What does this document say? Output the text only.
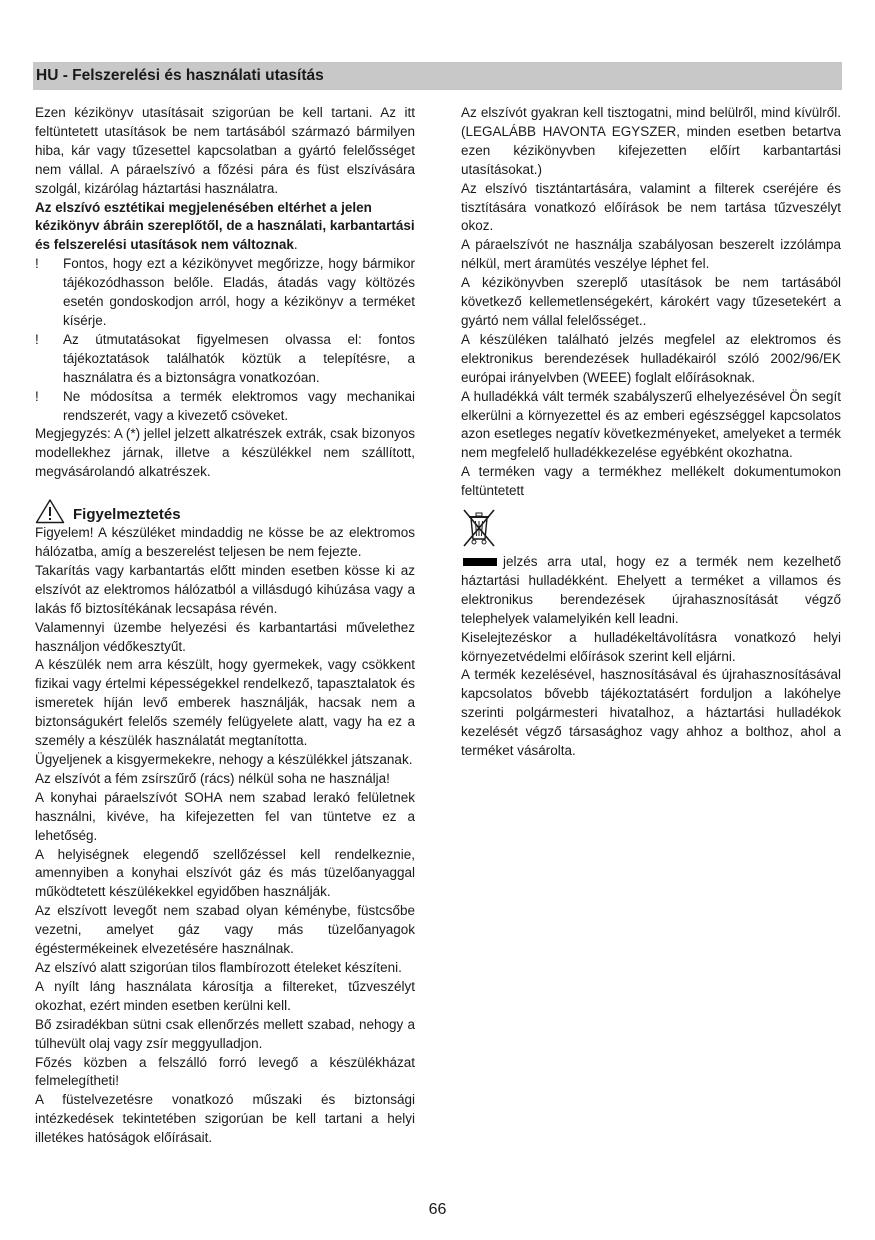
HU - Felszerelési és használati utasítás

Ezen kézikönyv utasításait szigorúan be kell tartani. Az itt feltüntetett utasítások be nem tartásából származó bármilyen hiba, kár vagy tűzesettel kapcsolatban a gyártó felelősséget nem vállal. A páraelszívó a főzési pára és füst elszívására szolgál, kizárólag háztartási használatra.

Az elszívó esztétikai megjelenésében eltérhet a jelen kézikönyv ábráin szereplőtől, de a használati, karbantartási és felszerelési utasítások nem változnak.

!	Fontos, hogy ezt a kézikönyvet megőrizze, hogy bármikor tájékozódhasson belőle. Eladás, átadás vagy költözés esetén gondoskodjon arról, hogy a kézikönyv a terméket kísérje.
!	Az útmutatásokat figyelmesen olvassa el: fontos tájékoztatások találhatók köztük a telepítésre, a használatra és a biztonságra vonatkozóan.
!	Ne módosítsa a termék elektromos vagy mechanikai rendszerét, vagy a kivezető csöveket.

Megjegyzés: A (*) jellel jelzett alkatrészek extrák, csak bizonyos modellekhez járnak, illetve a készülékkel nem szállított, megvásárolandó alkatrészek.

Figyelmeztetés

Figyelem! A készüléket mindaddig ne kösse be az elektromos hálózatba, amíg a beszerelést teljesen be nem fejezte.

Takarítás vagy karbantartás előtt minden esetben kösse ki az elszívót az elektromos hálózatból a villásdugó kihúzása vagy a lakás fő biztosítékának lecsapása révén.

Valamennyi üzembe helyezési és karbantartási művelethez használjon védőkesztyűt.

A készülék nem arra készült, hogy gyermekek, vagy csökkent fizikai vagy értelmi képességekkel rendelkező, tapasztalatok és ismeretek híján levő emberek használják, hacsak nem a biztonságukért felelős személy felügyelete alatt, vagy ha ez a személy a készülék használatát megtanította.

Ügyeljenek a kisgyermekekre, nehogy a készülékkel játszanak.

Az elszívót a fém zsírszűrő (rács) nélkül soha ne használja!

A konyhai páraelszívót SOHA nem szabad lerakó felületnek használni, kivéve, ha kifejezetten fel van tüntetve ez a lehetőség.

A helyiségnek elegendő szellőzéssel kell rendelkeznie, amennyiben a konyhai elszívót gáz és más tüzelőanyaggal működtetett készülékekkel egyidőben használják.

Az elszívott levegőt nem szabad olyan kéménybe, füstcsőbe vezetni, amelyet gáz vagy más tüzelőanyagok égéstermékeinek elvezetésére használnak.

Az elszívó alatt szigorúan tilos flambírozott ételeket készíteni.

A nyílt láng használata károsítja a filtereket, tűzveszélyt okozhat, ezért minden esetben kerülni kell.

Bő zsiradékban sütni csak ellenőrzés mellett szabad, nehogy a túlhevült olaj vagy zsír meggyulladjon.

Főzés közben a felszálló forró levegő a készülékházat felmelegítheti!

A füstelvezetésre vonatkozó műszaki és biztonsági intézkedések tekintetében szigorúan be kell tartani a helyi illetékes hatóságok előírásait.

Az elszívót gyakran kell tisztogatni, mind belülről, mind kívülről. (LEGALÁBB HAVONTA EGYSZER, minden esetben betartva ezen kézikönyvben kifejezetten előírt karbantartási utasításokat.)

Az elszívó tisztántartására, valamint a filterek cseréjére és tisztítására vonatkozó előírások be nem tartása tűzveszélyt okoz.

A páraelszívót ne használja szabályosan beszerelt izzólámpa nélkül, mert áramütés veszélye léphet fel.

A kézikönyvben szereplő utasítások be nem tartásából következő kellemetlenségekért, károkért vagy tűzesetekért a gyártó nem vállal felelősséget..

A készüléken található jelzés megfelel az elektromos és elektronikus berendezések hulladékairól szóló 2002/96/EK európai irányelvben (WEEE) foglalt előírásoknak.

A hulladékká vált termék szabályszerű elhelyezésével Ön segít elkerülni a környezettel és az emberi egészséggel kapcsolatos azon esetleges negatív következményeket, amelyeket a termék nem megfelelő hulladékkezelése egyébként okozhatna.

A terméken vagy a termékhez mellékelt dokumentumokon feltüntetett

jelzés arra utal, hogy ez a termék nem kezelhető háztartási hulladékként. Ehelyett a terméket a villamos és elektronikus berendezések újrahasznosítását végző telephelyek valamelyikén kell leadni.

Kiselejtezéskor a hulladékeltávolításra vonatkozó helyi környezetvédelmi előírások szerint kell eljárni.

A termék kezelésével, hasznosításával és újrahasznosításával kapcsolatos bővebb tájékoztatásért forduljon a lakóhelye szerinti polgármesteri hivatalhoz, a háztartási hulladékok kezelését végző társasághoz vagy ahhoz a bolthoz, ahol a terméket vásárolta.

66
